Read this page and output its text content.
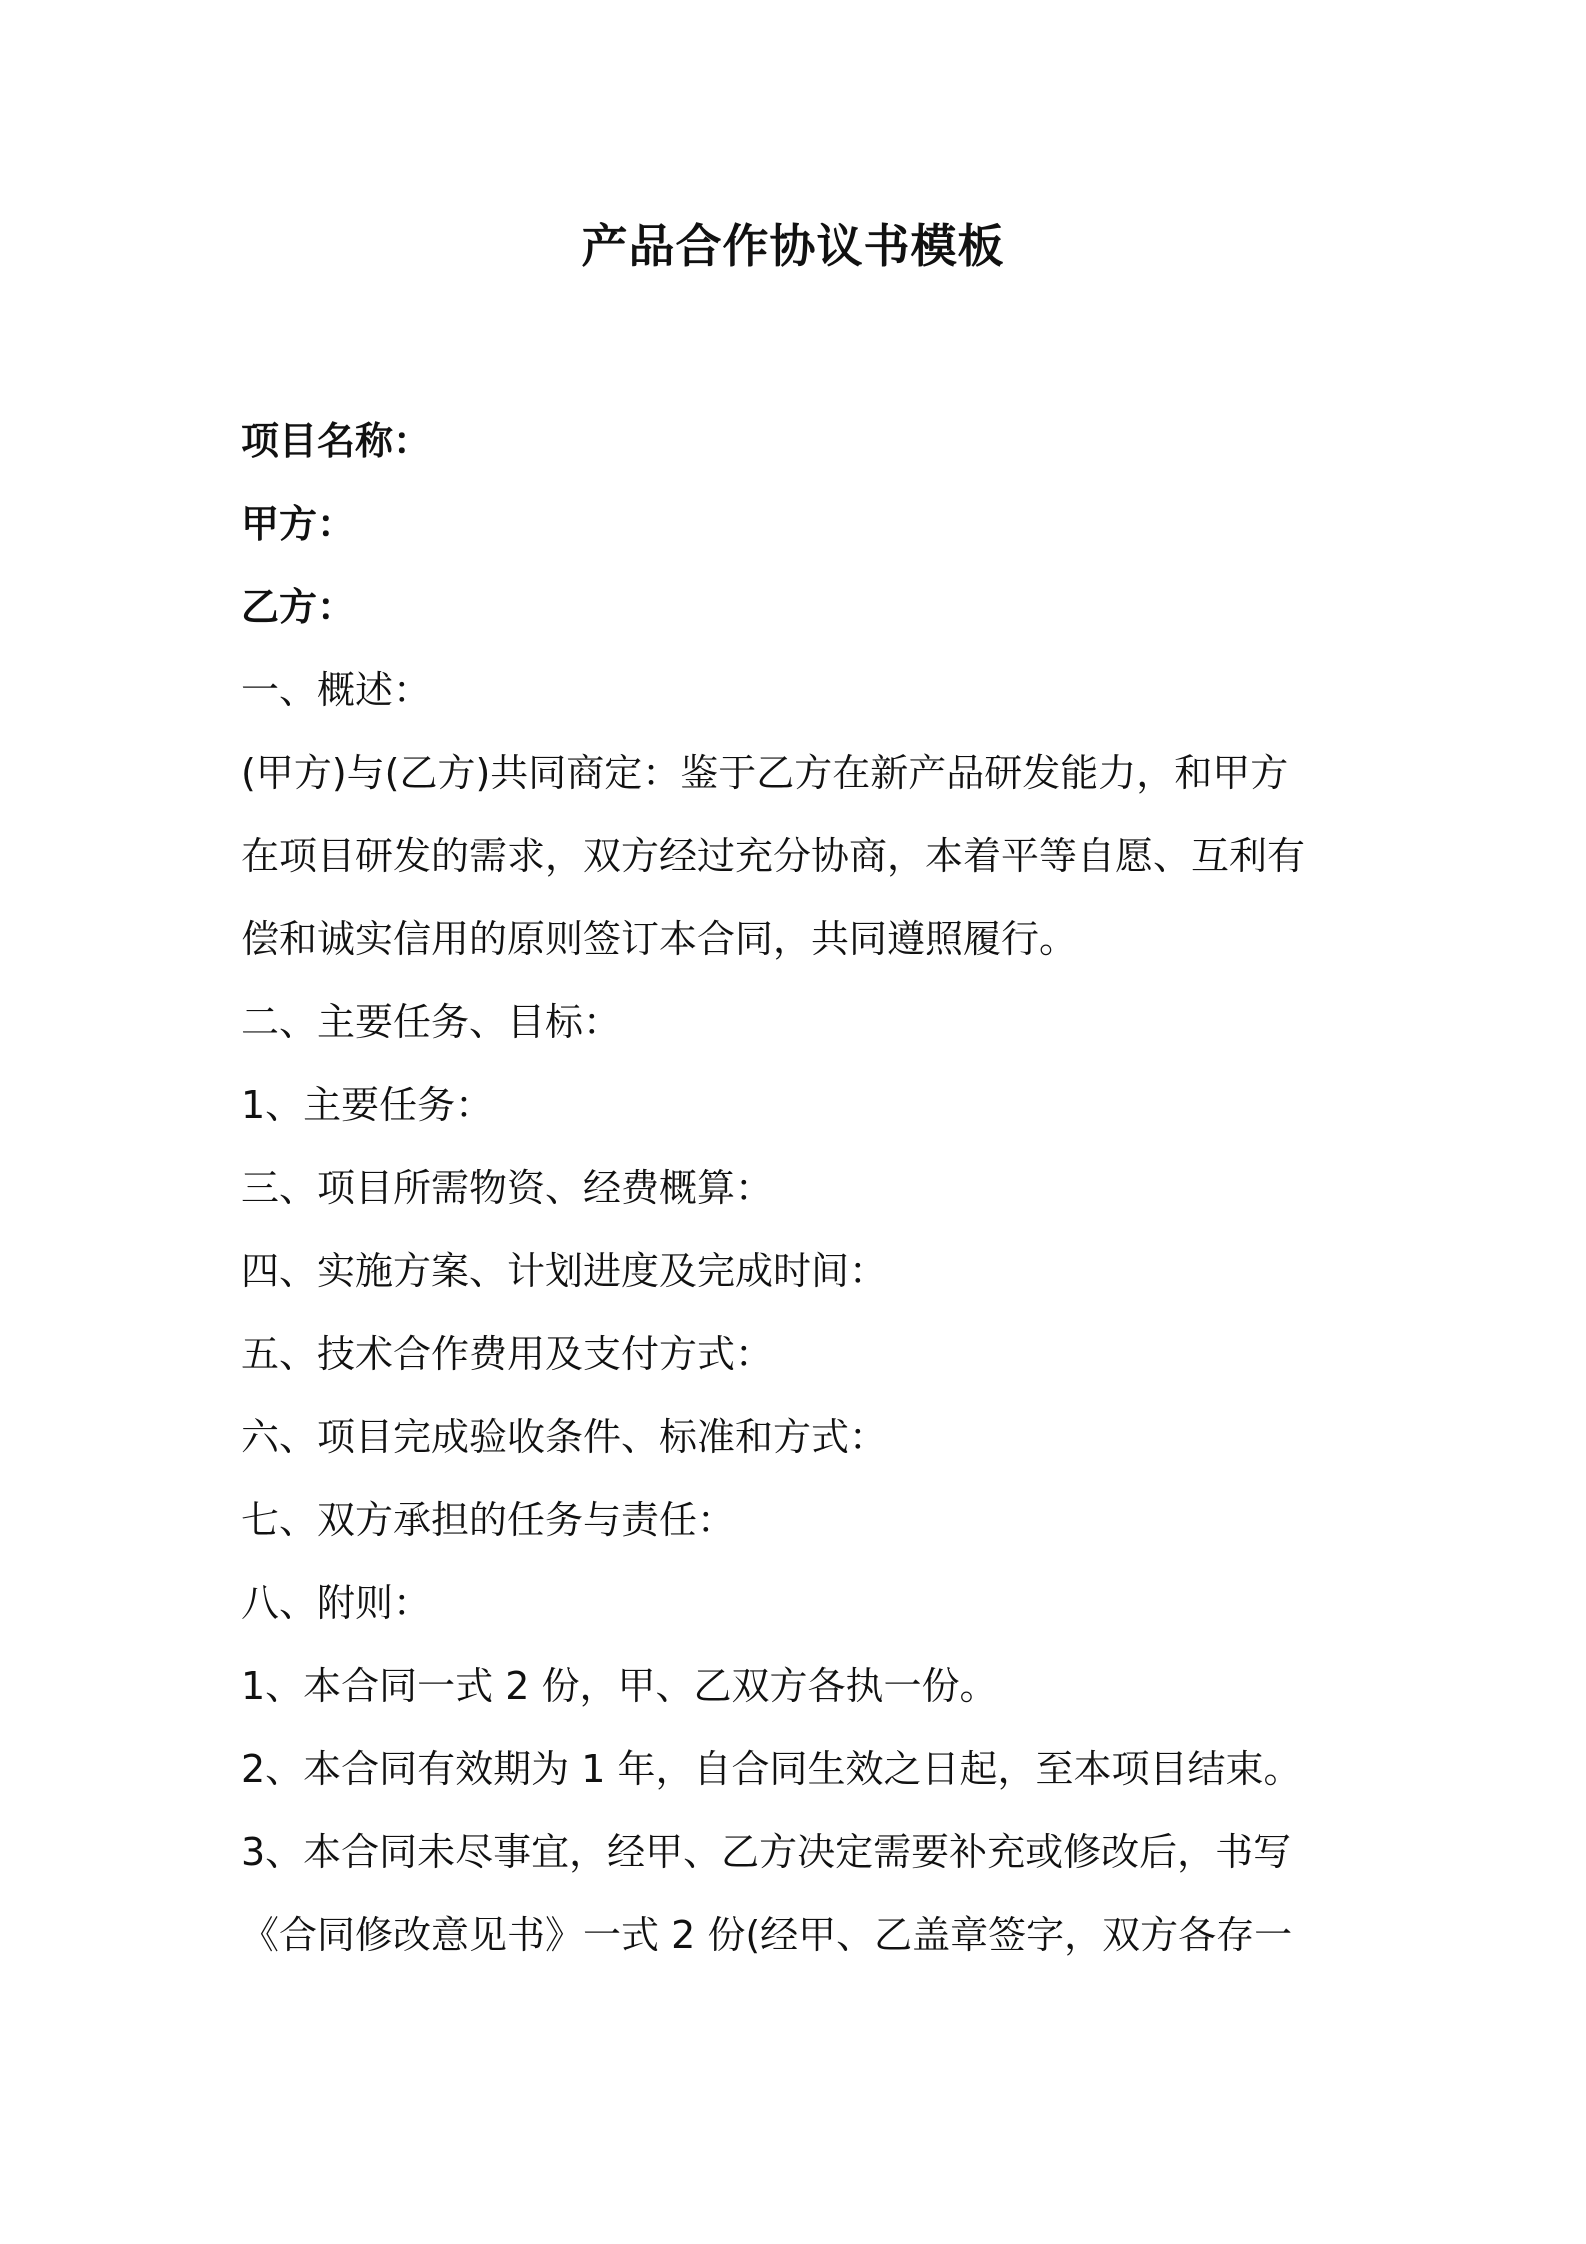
产品合作协议书模板
项目名称：
甲方：
乙方：
一、概述：
(甲方)与(乙方)共同商定：鉴于乙方在新产品研发能力，和甲方
在项目研发的需求，双方经过充分协商，本着平等自愿、互利有
偿和诚实信用的原则签订本合同，共同遵照履行。
二、主要任务、目标：
1、主要任务：
三、项目所需物资、经费概算：
四、实施方案、计划进度及完成时间：
五、技术合作费用及支付方式：
六、项目完成验收条件、标准和方式：
七、双方承担的任务与责任：
八、附则：
1、本合同一式 2 份，甲、乙双方各执一份。
2、本合同有效期为 1 年，自合同生效之日起，至本项目结束。
3、本合同未尽事宜，经甲、乙方决定需要补充或修改后，书写
《合同修改意见书》一式 2 份(经甲、乙盖章签字，双方各存一
